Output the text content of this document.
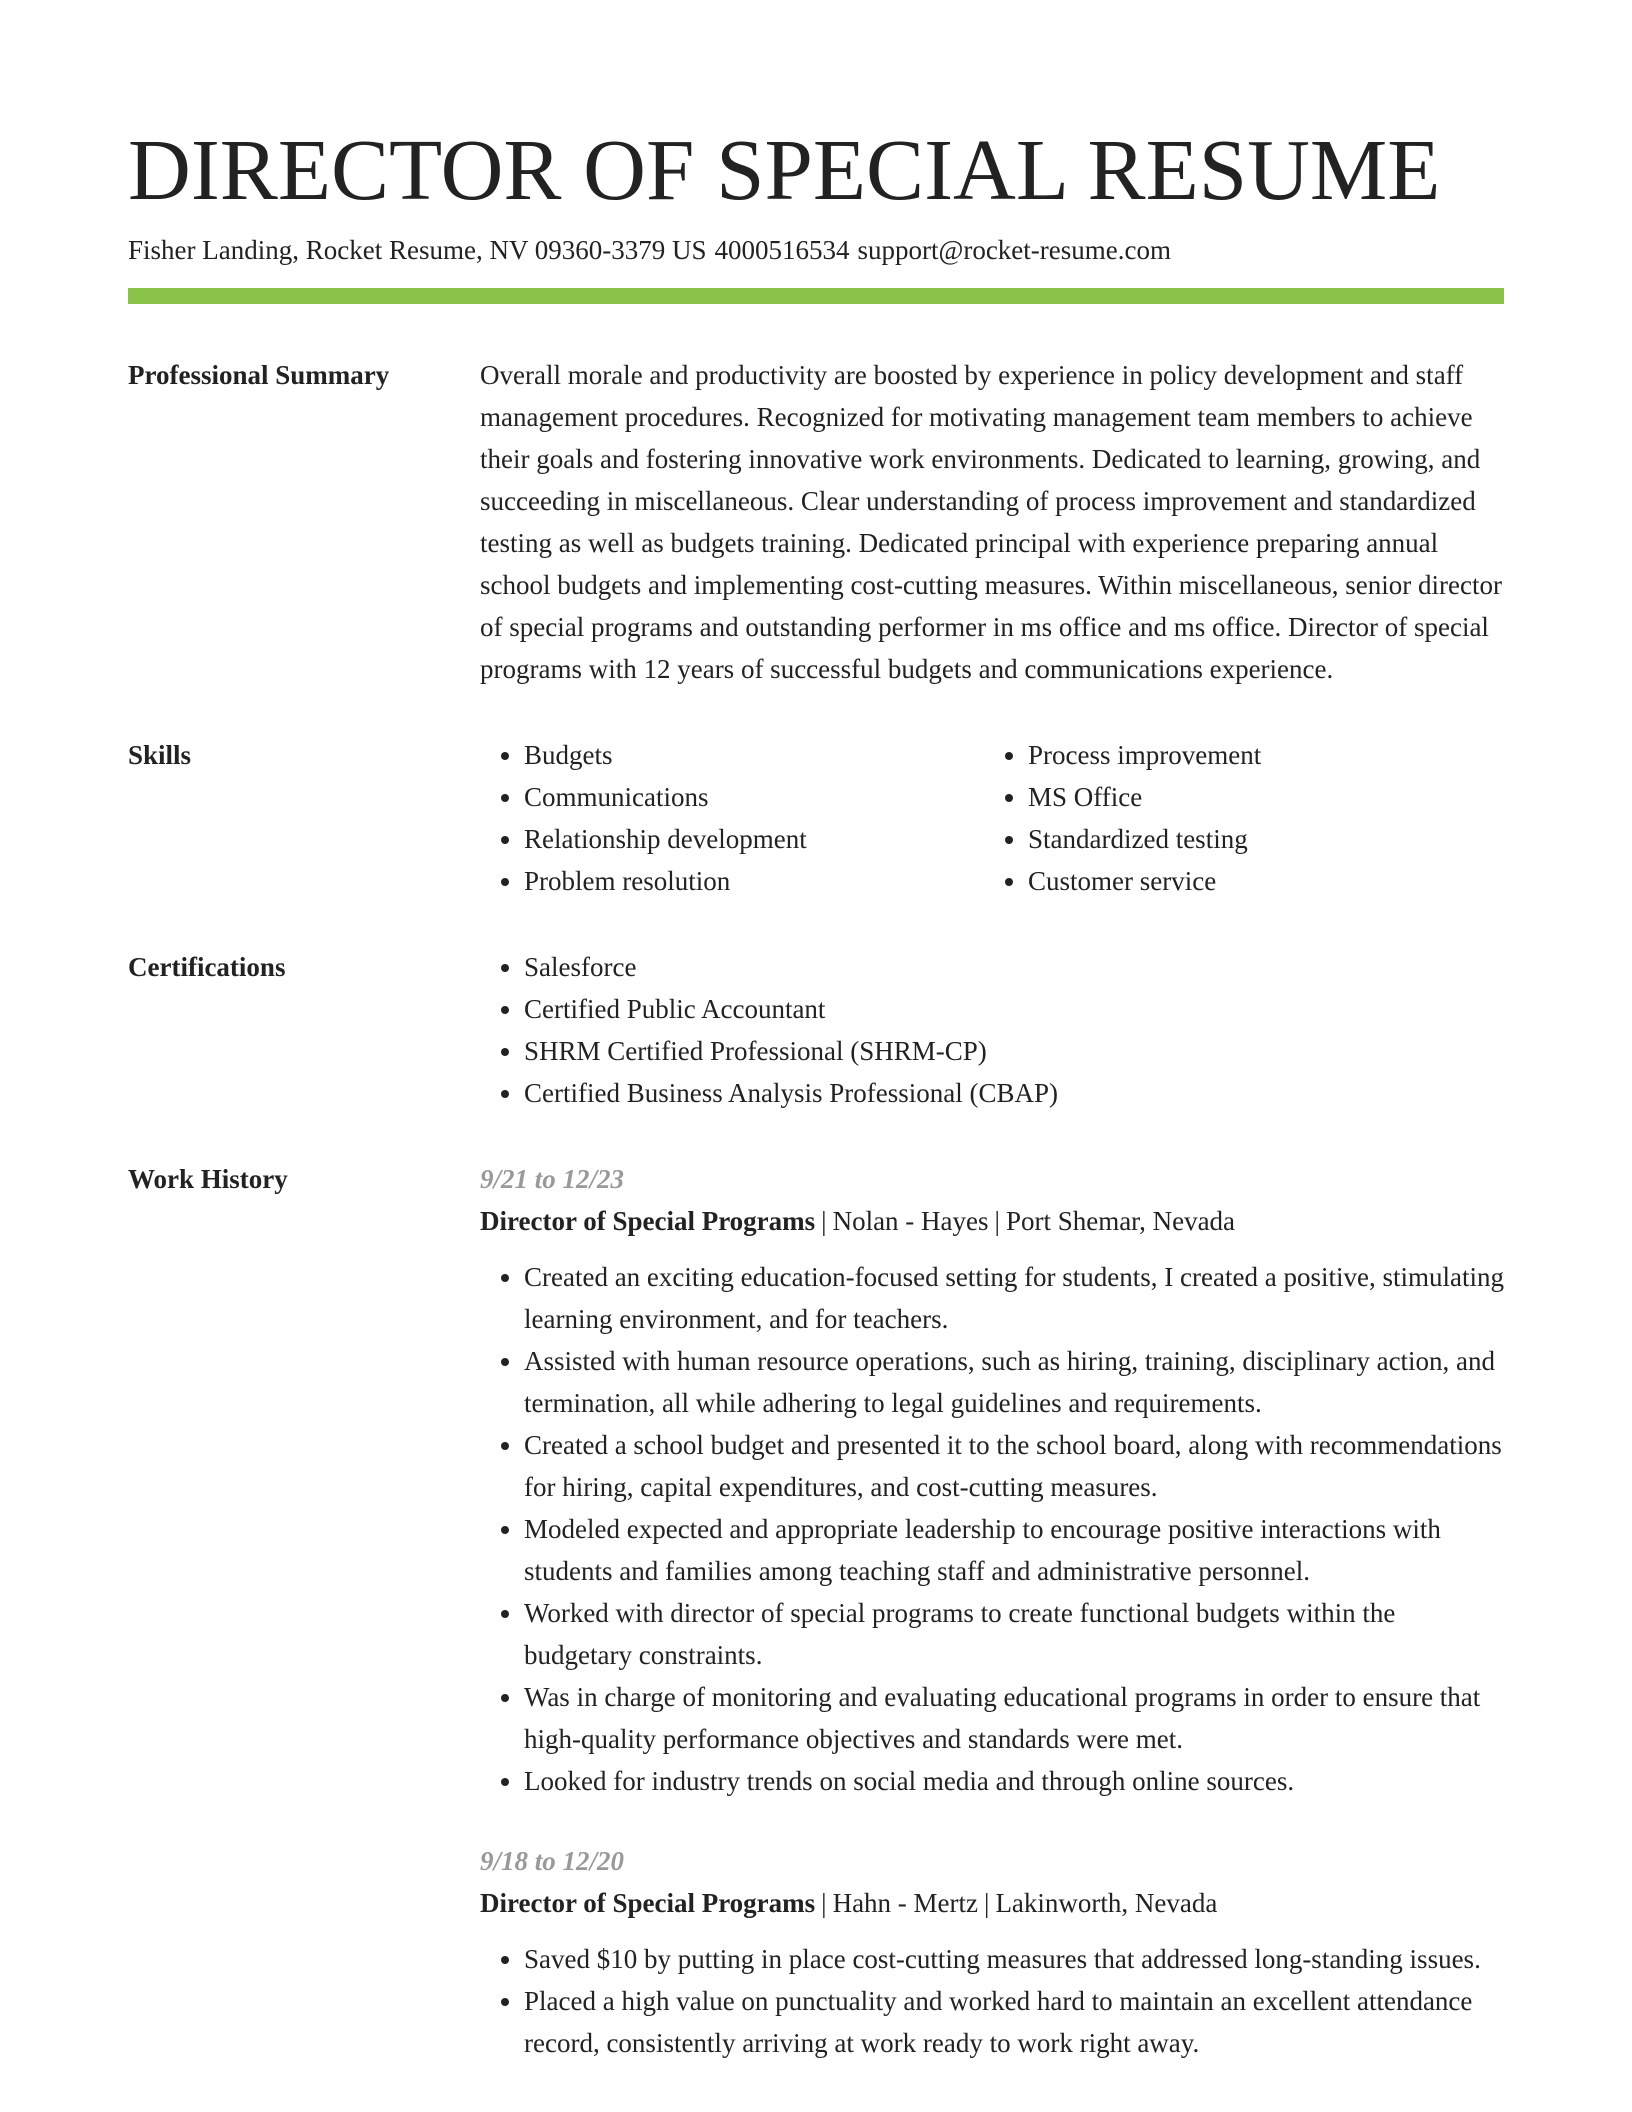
DIRECTOR OF SPECIAL RESUME
Fisher Landing, Rocket Resume, NV 09360-3379 US 4000516534 support@rocket-resume.com
Professional Summary	Overall morale and productivity are boosted by experience in policy development and staff management procedures. Recognized for motivating management team members to achieve their goals and fostering innovative work environments. Dedicated to learning, growing, and succeeding in miscellaneous. Clear understanding of process improvement and standardized testing as well as budgets training. Dedicated principal with experience preparing annual school budgets and implementing cost-cutting measures. Within miscellaneous, senior director of special programs and outstanding performer in ms office and ms office. Director of special programs with 12 years of successful budgets and communications experience.

Skills	• Budgets
• Communications
• Relationship development
• Problem resolution
• Process improvement
• MS Office
• Standardized testing
• Customer service
Certifications	• Salesforce
• Certified Public Accountant
• SHRM Certified Professional (SHRM-CP)
• Certified Business Analysis Professional (CBAP)
Work History	9/21 to 12/23
Director of Special Programs | Nolan - Hayes | Port Shemar, Nevada
• Created an exciting education-focused setting for students, I created a positive, stimulating learning environment, and for teachers.
• Assisted with human resource operations, such as hiring, training, disciplinary action, and termination, all while adhering to legal guidelines and requirements.
• Created a school budget and presented it to the school board, along with recommendations for hiring, capital expenditures, and cost-cutting measures.
• Modeled expected and appropriate leadership to encourage positive interactions with students and families among teaching staff and administrative personnel.
• Worked with director of special programs to create functional budgets within the budgetary constraints.
• Was in charge of monitoring and evaluating educational programs in order to ensure that high-quality performance objectives and standards were met.
• Looked for industry trends on social media and through online sources.
9/18 to 12/20
Director of Special Programs | Hahn - Mertz | Lakinworth, Nevada
• Saved $10 by putting in place cost-cutting measures that addressed long-standing issues.
• Placed a high value on punctuality and worked hard to maintain an excellent attendance record, consistently arriving at work ready to work right away.
